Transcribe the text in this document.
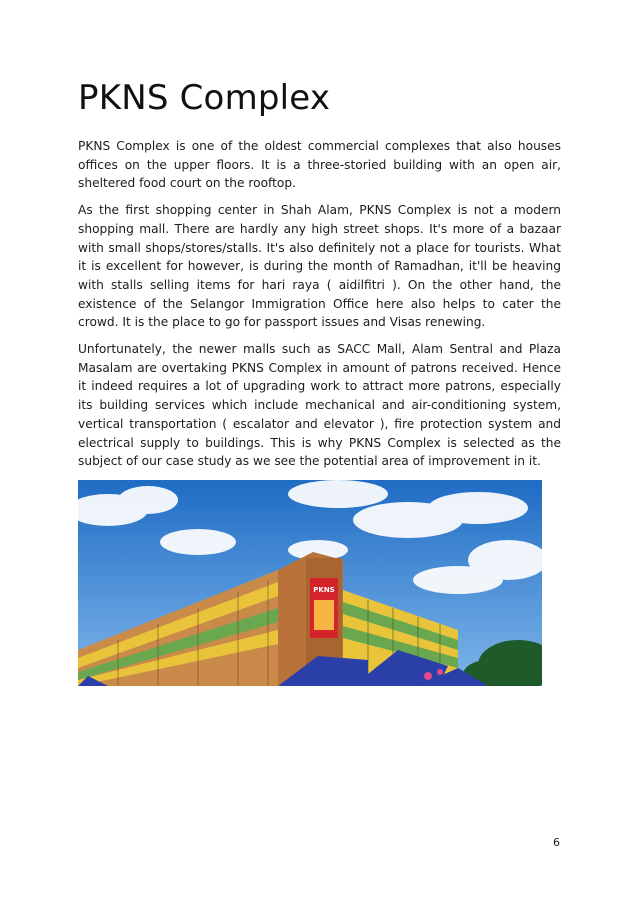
PKNS Complex

PKNS Complex is one of the oldest commercial complexes that also houses offices on the upper floors. It is a three-storied building with an open air, sheltered food court on the rooftop.

As the first shopping center in Shah Alam, PKNS Complex is not a modern shopping mall. There are hardly any high street shops. It's more of a bazaar with small shops/stores/stalls. It's also definitely not a place for tourists. What it is excellent for however, is during the month of Ramadhan, it'll be heaving with stalls selling items for hari raya ( aidilfitri ). On the other hand, the existence of the Selangor Immigration Office here also helps to cater the crowd. It is the place to go for passport issues and Visas renewing.

Unfortunately, the newer malls such as SACC Mall, Alam Sentral and Plaza Masalam are overtaking PKNS Complex in amount of patrons received. Hence it indeed requires a lot of upgrading work to attract more patrons, especially its building services which include mechanical and air-conditioning system, vertical transportation ( escalator and elevator ), fire protection system and electrical supply to buildings. This is why PKNS Complex is selected as the subject of our case study as we see the potential area of improvement in it.

PKNS
6
